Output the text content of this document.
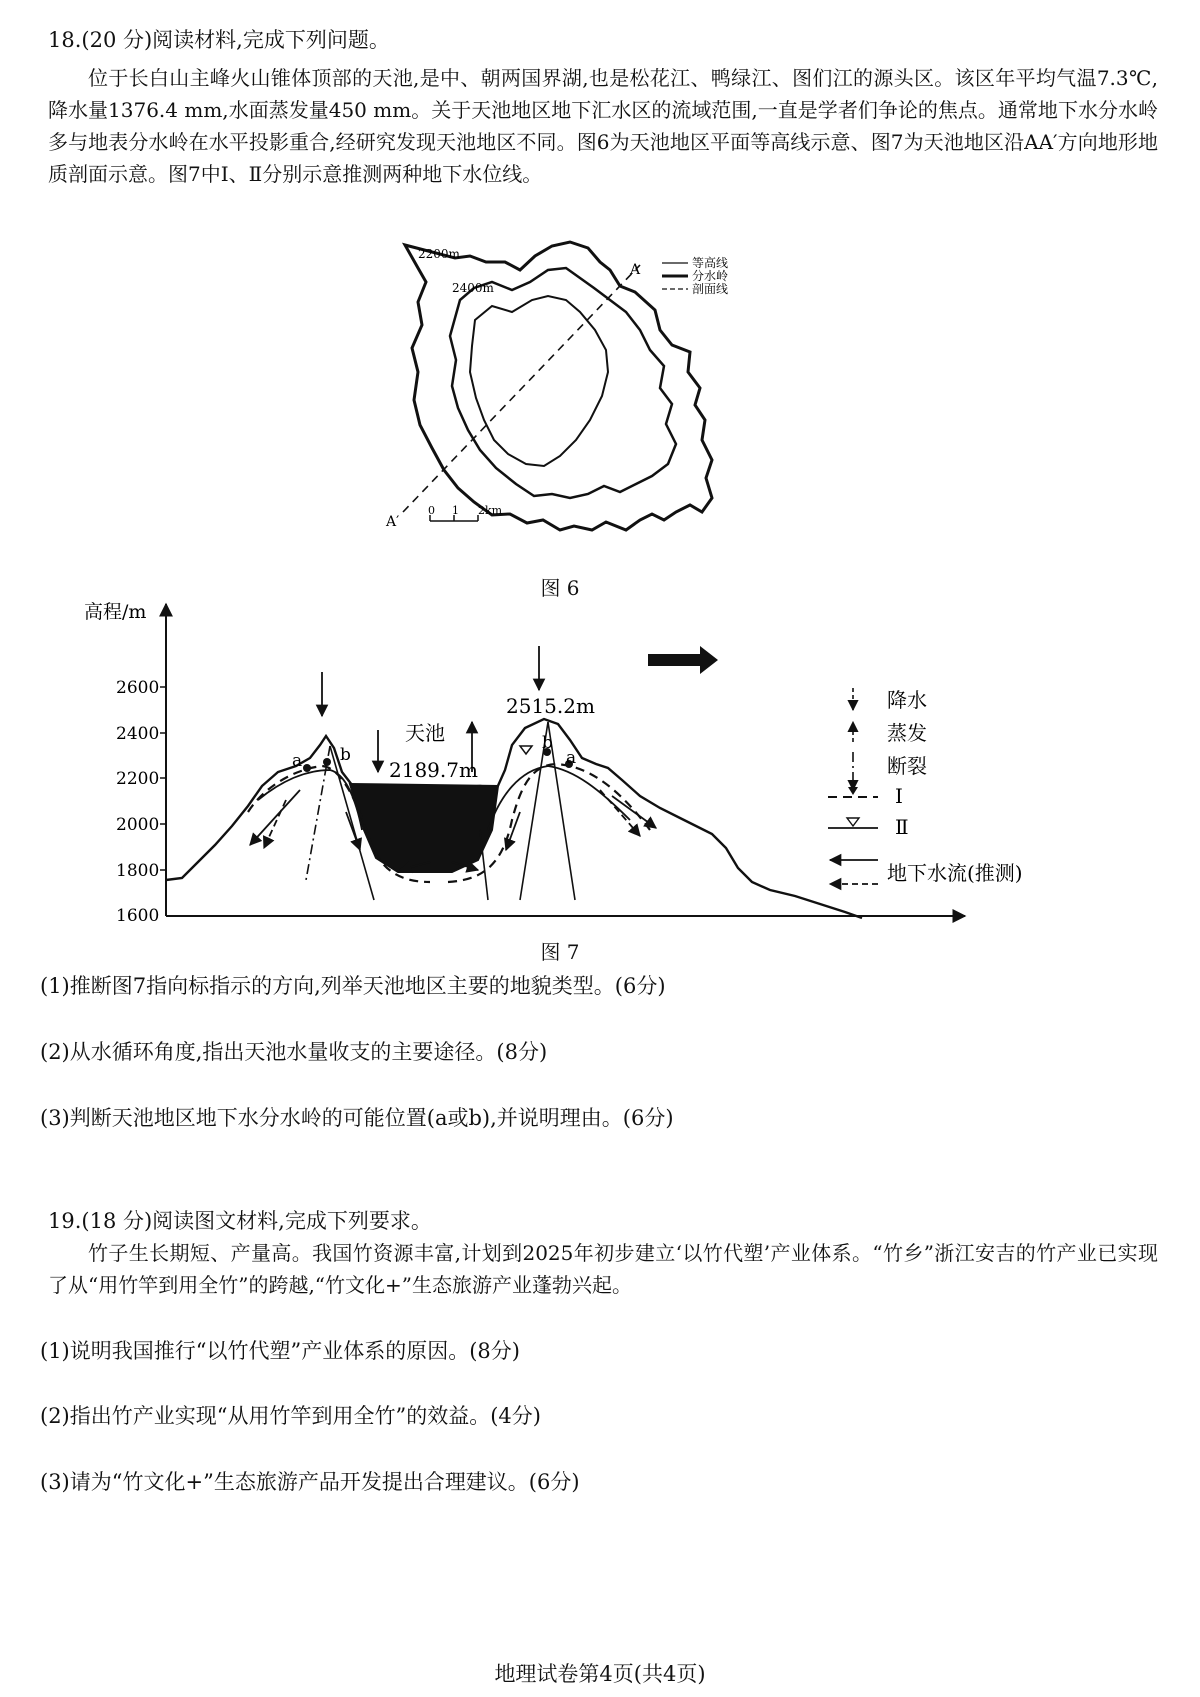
18.(20 分)阅读材料,完成下列问题。

位于长白山主峰火山锥体顶部的天池,是中、朝两国界湖,也是松花江、鸭绿江、图们江的源头区。该区年平均气温7.3℃,降水量1376.4 mm,水面蒸发量450 mm。关于天池地区地下汇水区的流域范围,一直是学者们争论的焦点。通常地下水分水岭多与地表分水岭在水平投影重合,经研究发现天池地区不同。图6为天池地区平面等高线示意、图7为天池地区沿AA′方向地形地质剖面示意。图7中Ⅰ、Ⅱ分别示意推测两种地下水位线。

2200m
2400m
A
A′
0 1 2km
等高线
分水岭
剖面线
图 6
高程/m
2600
2400
2200
2000
1800
1600
a b
b
a
天池
2189.7m
2515.2m	降水
蒸发
断裂
Ⅰ
Ⅱ
地下水流(推测)
图 7
(1)推断图7指向标指示的方向,列举天池地区主要的地貌类型。(6分)
(2)从水循环角度,指出天池水量收支的主要途径。(8分)
(3)判断天池地区地下水分水岭的可能位置(a或b),并说明理由。(6分)
19.(18 分)阅读图文材料,完成下列要求。

竹子生长期短、产量高。我国竹资源丰富,计划到2025年初步建立‘以竹代塑’产业体系。“竹乡”浙江安吉的竹产业已实现了从“用竹竿到用全竹”的跨越,“竹文化+”生态旅游产业蓬勃兴起。

(1)说明我国推行“以竹代塑”产业体系的原因。(8分)
(2)指出竹产业实现“从用竹竿到用全竹”的效益。(4分)
(3)请为“竹文化+”生态旅游产品开发提出合理建议。(6分)
地理试卷第4页(共4页)
